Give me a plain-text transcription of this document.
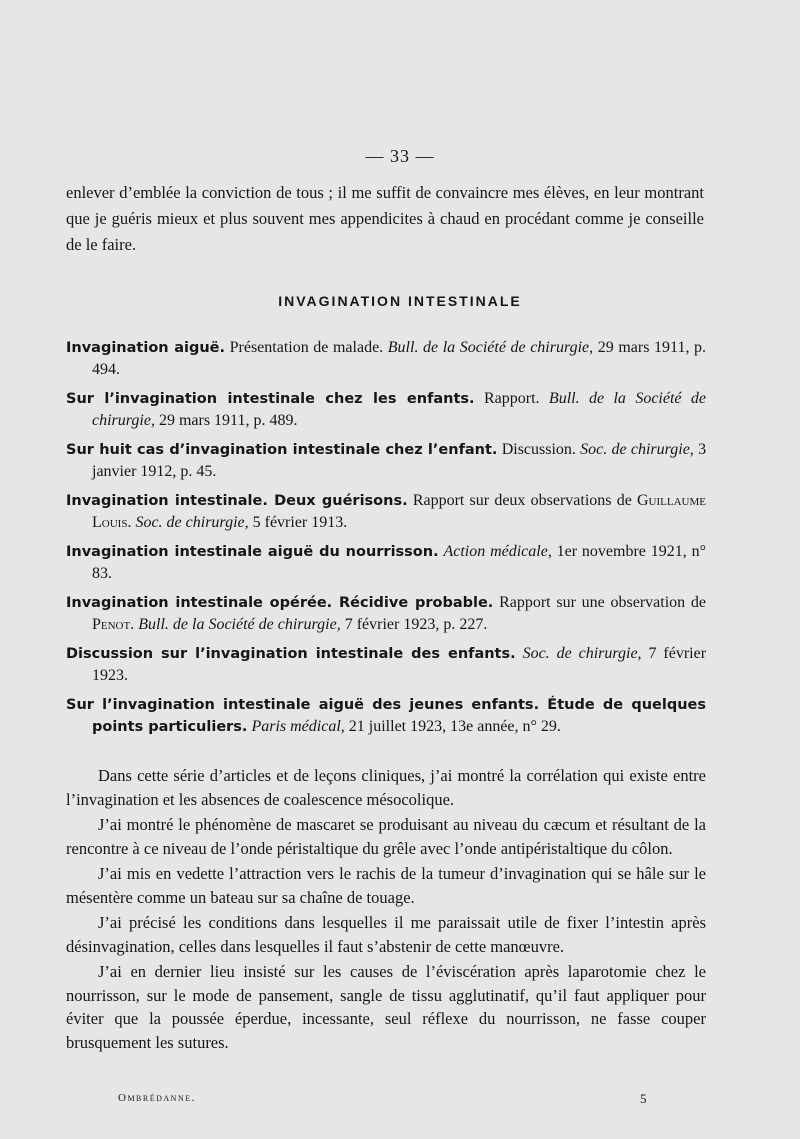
— 33 —
enlever d’emblée la conviction de tous ; il me suffit de convaincre mes élèves, en leur montrant que je guéris mieux et plus souvent mes appendicites à chaud en procédant comme je conseille de le faire.
INVAGINATION INTESTINALE
Invagination aiguë. Présentation de malade. Bull. de la Société de chirurgie, 29 mars 1911, p. 494.
Sur l’invagination intestinale chez les enfants. Rapport. Bull. de la Société de chirurgie, 29 mars 1911, p. 489.
Sur huit cas d’invagination intestinale chez l’enfant. Discussion. Soc. de chirurgie, 3 janvier 1912, p. 45.
Invagination intestinale. Deux guérisons. Rapport sur deux observations de Guillaume Louis. Soc. de chirurgie, 5 février 1913.
Invagination intestinale aiguë du nourrisson. Action médicale, 1er novembre 1921, n° 83.
Invagination intestinale opérée. Récidive probable. Rapport sur une observation de Penot. Bull. de la Société de chirurgie, 7 février 1923, p. 227.
Discussion sur l’invagination intestinale des enfants. Soc. de chirurgie, 7 février 1923.
Sur l’invagination intestinale aiguë des jeunes enfants. Étude de quelques points particuliers. Paris médical, 21 juillet 1923, 13e année, n° 29.

Dans cette série d’articles et de leçons cliniques, j’ai montré la corrélation qui existe entre l’invagination et les absences de coalescence mésocolique.

J’ai montré le phénomène de mascaret se produisant au niveau du cæcum et résultant de la rencontre à ce niveau de l’onde péristaltique du grêle avec l’onde antipéristaltique du côlon.

J’ai mis en vedette l’attraction vers le rachis de la tumeur d’invagination qui se hâle sur le mésentère comme un bateau sur sa chaîne de touage.

J’ai précisé les conditions dans lesquelles il me paraissait utile de fixer l’intestin après désinvagination, celles dans lesquelles il faut s’abstenir de cette manœuvre.

J’ai en dernier lieu insisté sur les causes de l’éviscération après laparotomie chez le nourrisson, sur le mode de pansement, sangle de tissu agglutinatif, qu’il faut appliquer pour éviter que la poussée éperdue, incessante, seul réflexe du nourrisson, ne fasse couper brusquement les sutures.

Ombrédanne.	5
